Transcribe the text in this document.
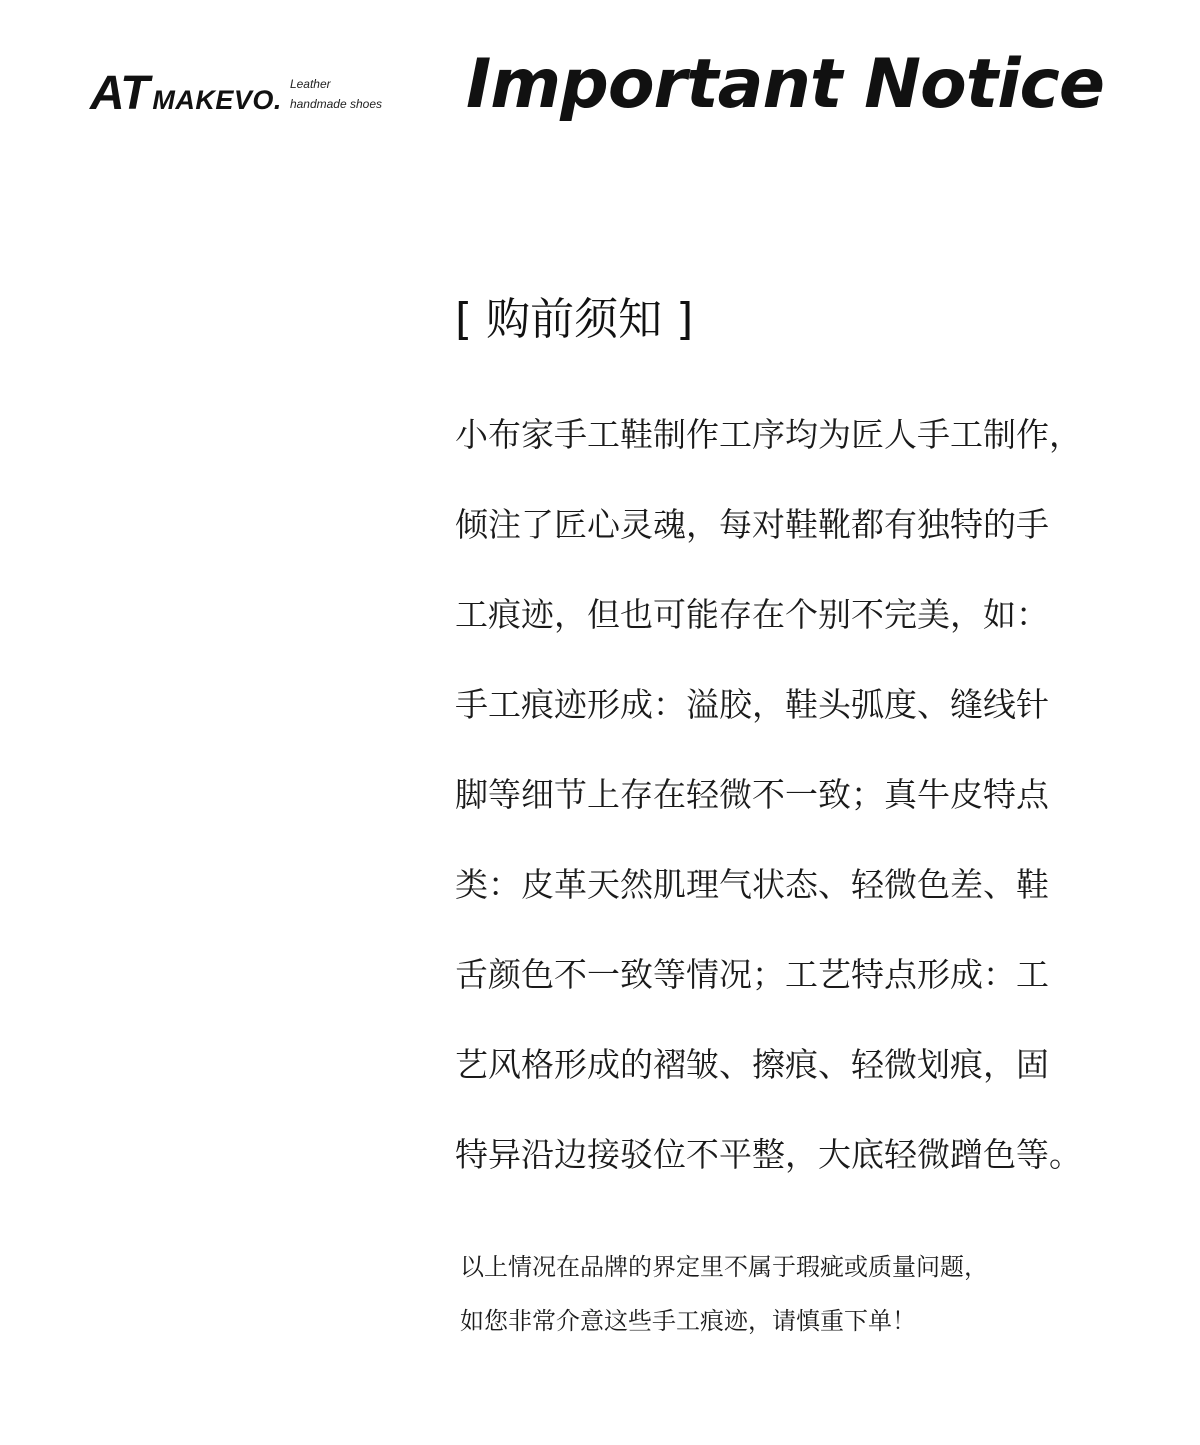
AT MAKEVO.
Leather
handmade shoes Important Notice
[ 购前须知 ]
小布家手工鞋制作工序均为匠人手工制作，
倾注了匠心灵魂，每对鞋靴都有独特的手
工痕迹，但也可能存在个别不完美，如：
手工痕迹形成：溢胶，鞋头弧度、缝线针
脚等细节上存在轻微不一致；真牛皮特点
类：皮革天然肌理气状态、轻微色差、鞋
舌颜色不一致等情况；工艺特点形成：工
艺风格形成的褶皱、擦痕、轻微划痕，固
特异沿边接驳位不平整，大底轻微蹭色等。
以上情况在品牌的界定里不属于瑕疵或质量问题，
如您非常介意这些手工痕迹，请慎重下单！
